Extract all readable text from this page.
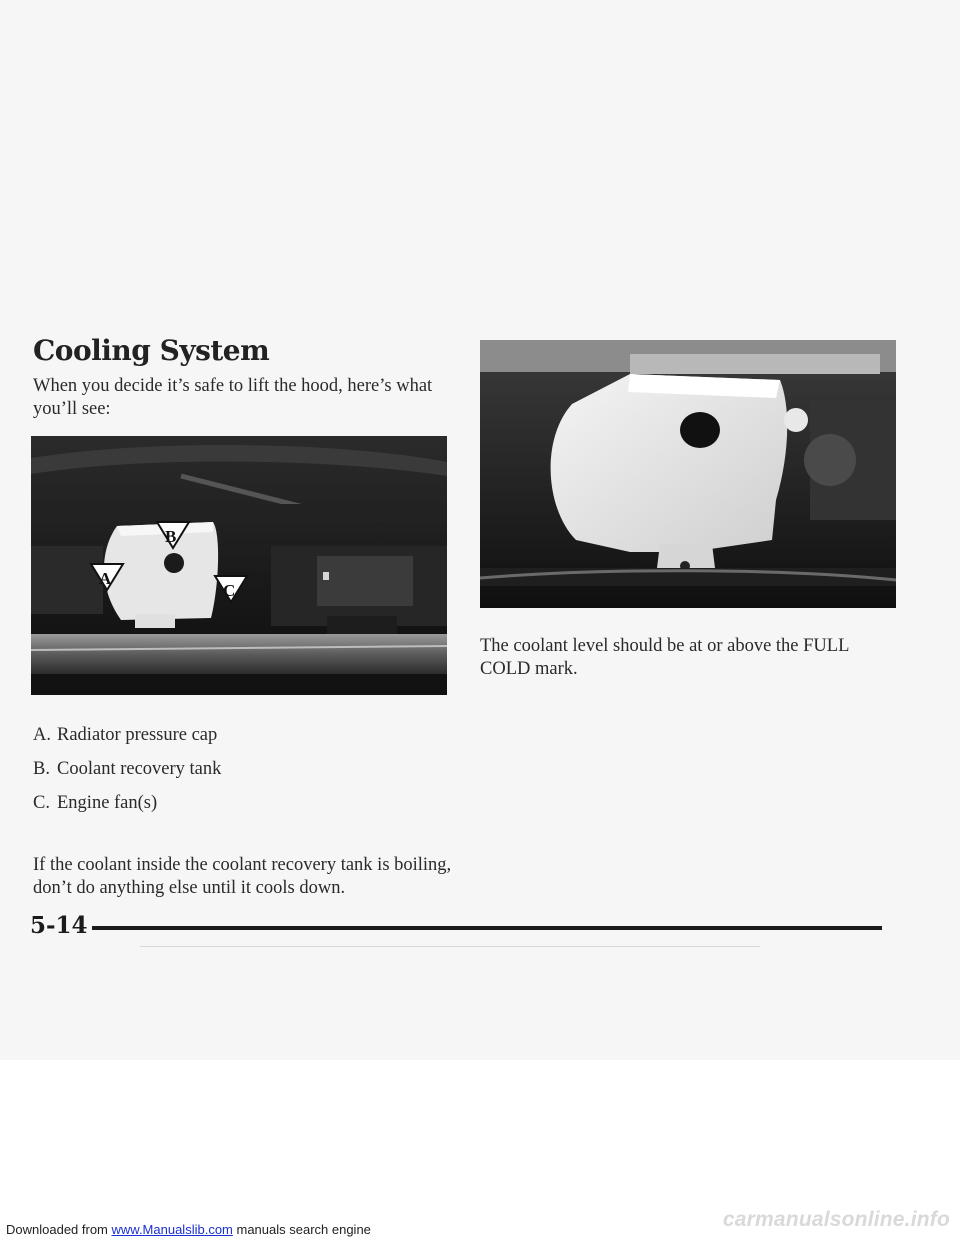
Cooling System

When you decide it’s safe to lift the hood, here’s what you’ll see:

B
A
C

The coolant level should be at or above the FULL COLD mark.

A. Radiator pressure cap
B. Coolant recovery tank
C. Engine fan(s)

If the coolant inside the coolant recovery tank is boiling, don’t do anything else until it cools down.

5-14

Downloaded from www.Manualslib.com manuals search engine	carmanualsonline.info
